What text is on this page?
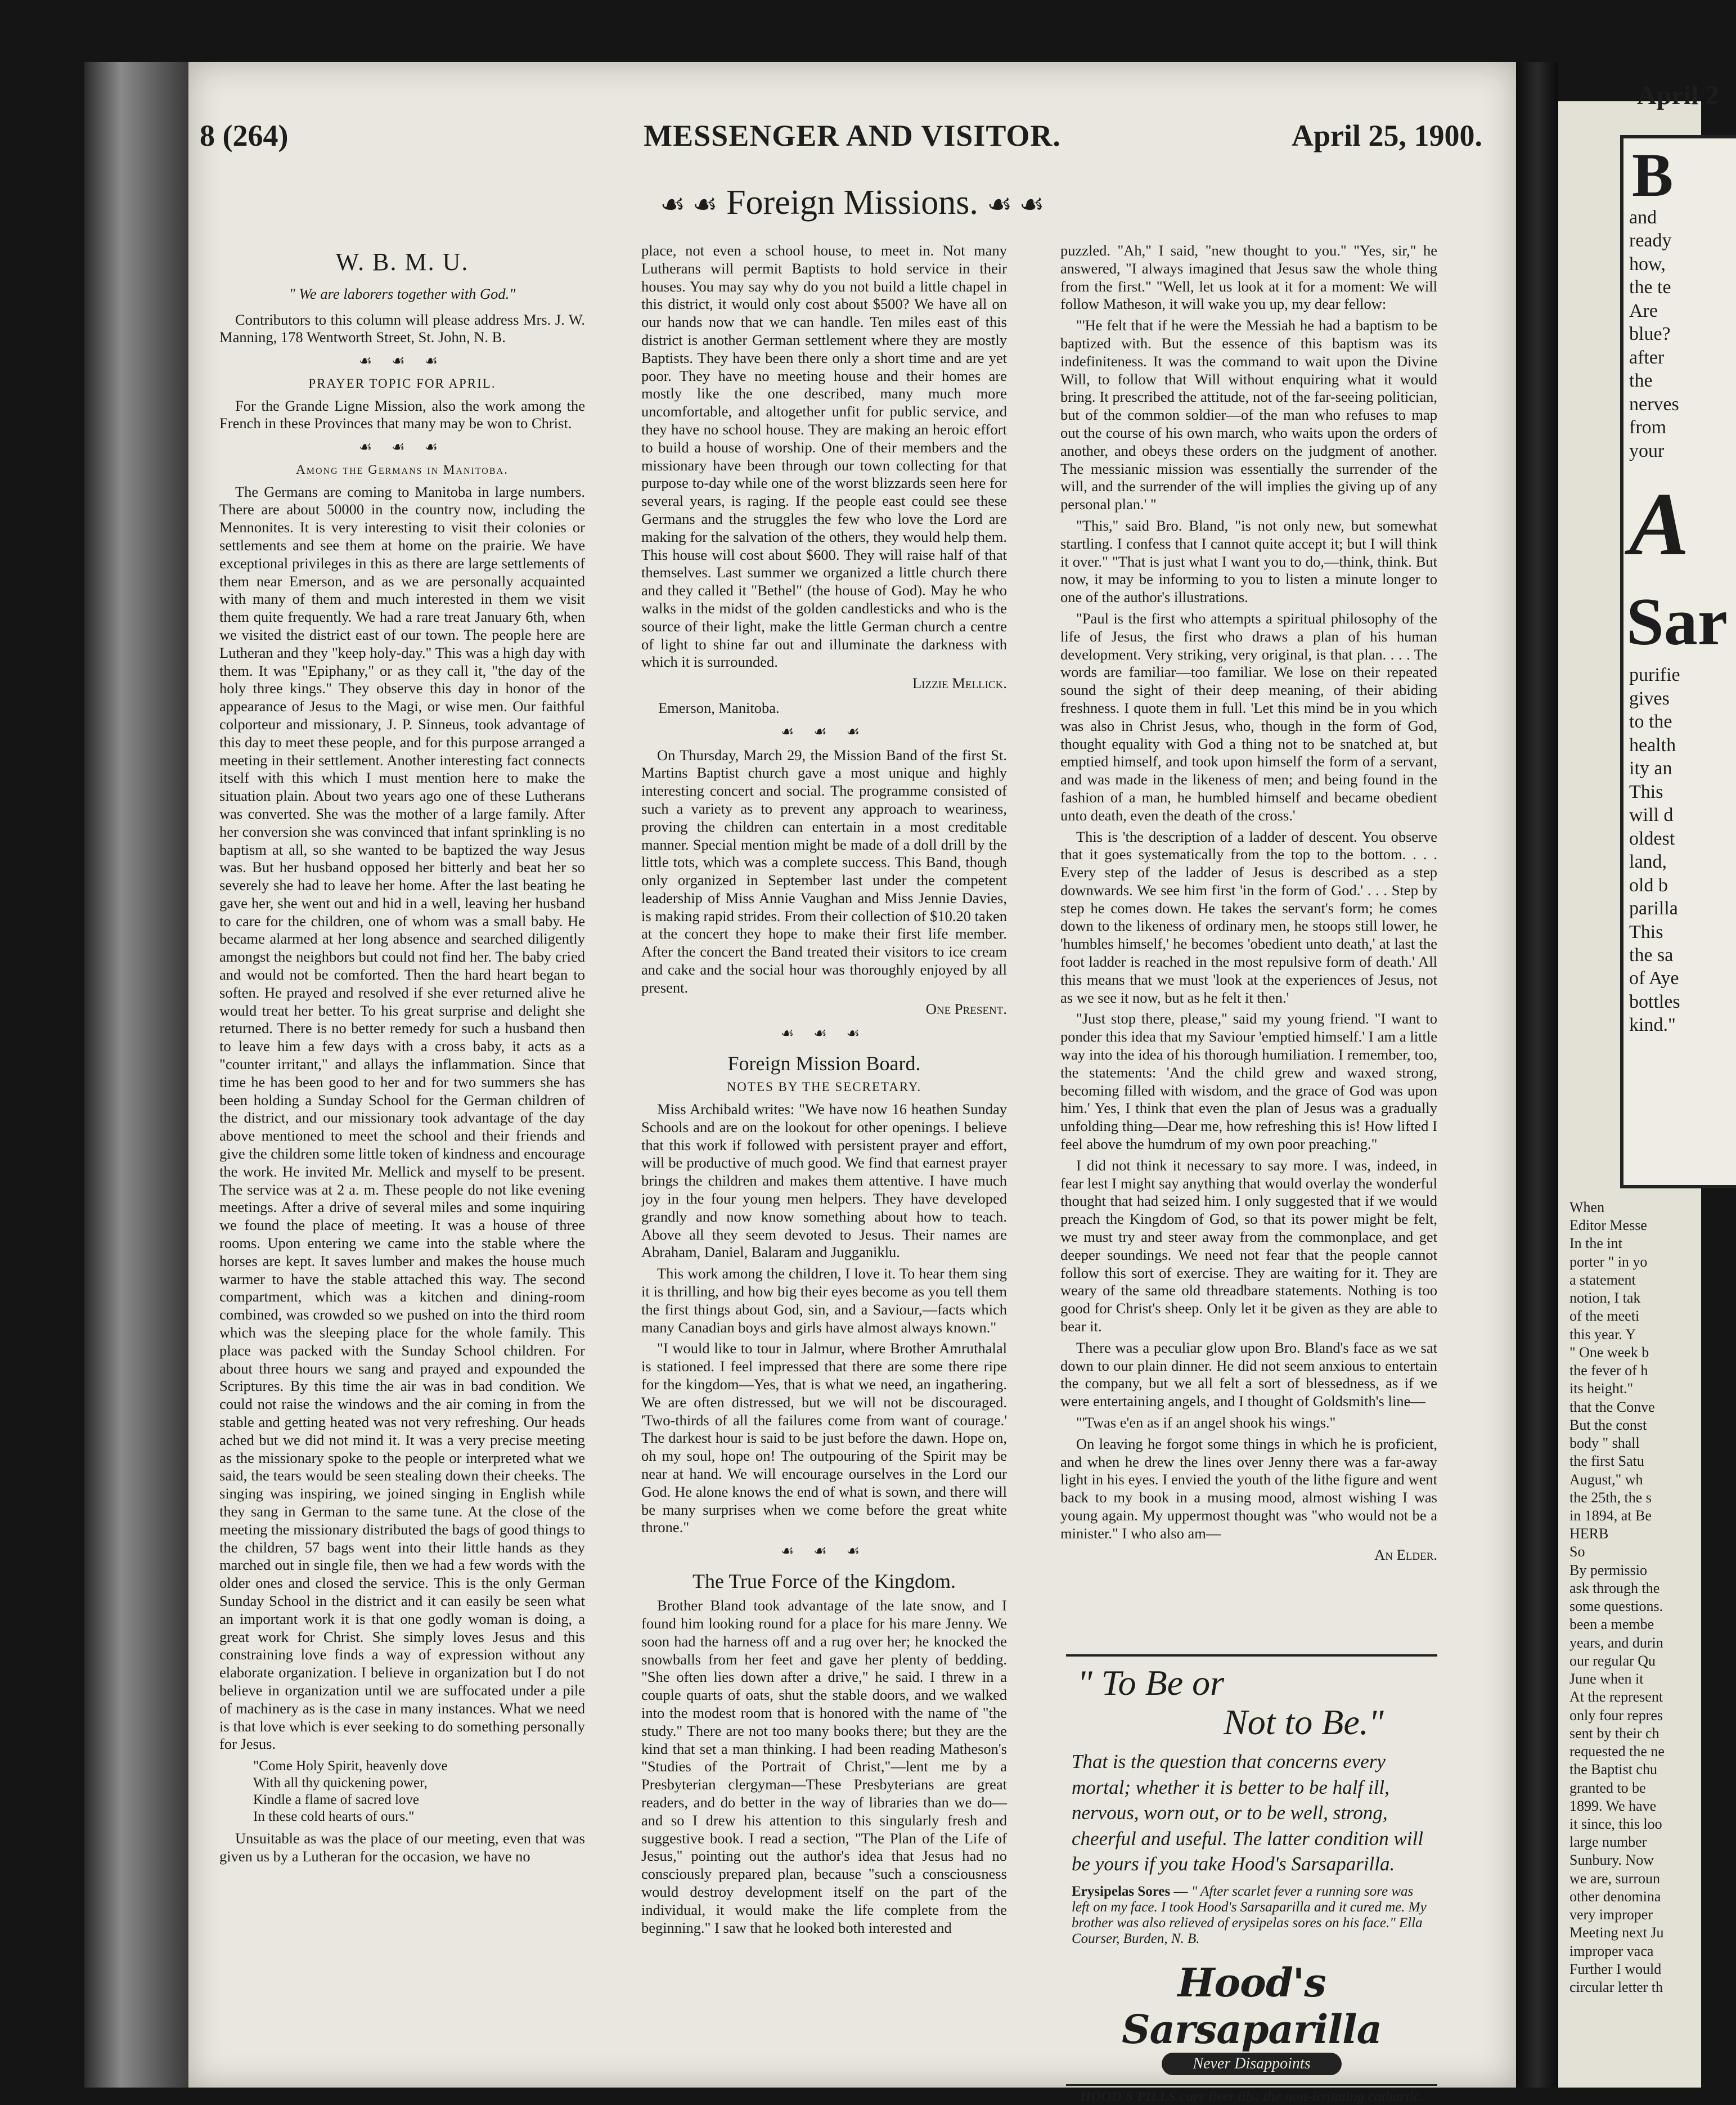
8 (264)	MESSENGER AND VISITOR.	April 25, 1900.
☙ ☙ Foreign Missions. ☙ ☙
W. B. M. U.
" We are laborers together with God."

Contributors to this column will please address Mrs. J. W. Manning, 178 Wentworth Street, St. John, N. B.

☙ ☙ ☙
PRAYER TOPIC FOR APRIL.

For the Grande Ligne Mission, also the work among the French in these Provinces that many may be won to Christ.

☙ ☙ ☙
Among the Germans in Manitoba.

The Germans are coming to Manitoba in large numbers. There are about 50000 in the country now, including the Mennonites. It is very interesting to visit their colonies or settlements and see them at home on the prairie. We have exceptional privileges in this as there are large settlements of them near Emerson, and as we are personally acquainted with many of them and much interested in them we visit them quite frequently. We had a rare treat January 6th, when we visited the district east of our town. The people here are Lutheran and they "keep holy-day." This was a high day with them. It was "Epiphany," or as they call it, "the day of the holy three kings." They observe this day in honor of the appearance of Jesus to the Magi, or wise men. Our faithful colporteur and missionary, J. P. Sinneus, took advantage of this day to meet these people, and for this purpose arranged a meeting in their settlement. Another interesting fact connects itself with this which I must mention here to make the situation plain. About two years ago one of these Lutherans was converted. She was the mother of a large family. After her conversion she was convinced that infant sprinkling is no baptism at all, so she wanted to be baptized the way Jesus was. But her husband opposed her bitterly and beat her so severely she had to leave her home. After the last beating he gave her, she went out and hid in a well, leaving her husband to care for the children, one of whom was a small baby. He became alarmed at her long absence and searched diligently amongst the neighbors but could not find her. The baby cried and would not be comforted. Then the hard heart began to soften. He prayed and resolved if she ever returned alive he would treat her better. To his great surprise and delight she returned. There is no better remedy for such a husband then to leave him a few days with a cross baby, it acts as a "counter irritant," and allays the inflammation. Since that time he has been good to her and for two summers she has been holding a Sunday School for the German children of the district, and our missionary took advantage of the day above mentioned to meet the school and their friends and give the children some little token of kindness and encourage the work. He invited Mr. Mellick and myself to be present. The service was at 2 a. m. These people do not like evening meetings. After a drive of several miles and some inquiring we found the place of meeting. It was a house of three rooms. Upon entering we came into the stable where the horses are kept. It saves lumber and makes the house much warmer to have the stable attached this way. The second compartment, which was a kitchen and dining-room combined, was crowded so we pushed on into the third room which was the sleeping place for the whole family. This place was packed with the Sunday School children. For about three hours we sang and prayed and expounded the Scriptures. By this time the air was in bad condition. We could not raise the windows and the air coming in from the stable and getting heated was not very refreshing. Our heads ached but we did not mind it. It was a very precise meeting as the missionary spoke to the people or interpreted what we said, the tears would be seen stealing down their cheeks. The singing was inspiring, we joined singing in English while they sang in German to the same tune. At the close of the meeting the missionary distributed the bags of good things to the children, 57 bags went into their little hands as they marched out in single file, then we had a few words with the older ones and closed the service. This is the only German Sunday School in the district and it can easily be seen what an important work it is that one godly woman is doing, a great work for Christ. She simply loves Jesus and this constraining love finds a way of expression without any elaborate organization. I believe in organization but I do not believe in organization until we are suffocated under a pile of machinery as is the case in many instances. What we need is that love which is ever seeking to do something personally for Jesus.

"Come Holy Spirit, heavenly dove
With all thy quickening power,
Kindle a flame of sacred love
In these cold hearts of ours."

Unsuitable as was the place of our meeting, even that was given us by a Lutheran for the occasion, we have no

place, not even a school house, to meet in. Not many Lutherans will permit Baptists to hold service in their houses. You may say why do you not build a little chapel in this district, it would only cost about $500? We have all on our hands now that we can handle. Ten miles east of this district is another German settlement where they are mostly Baptists. They have been there only a short time and are yet poor. They have no meeting house and their homes are mostly like the one described, many much more uncomfortable, and altogether unfit for public service, and they have no school house. They are making an heroic effort to build a house of worship. One of their members and the missionary have been through our town collecting for that purpose to-day while one of the worst blizzards seen here for several years, is raging. If the people east could see these Germans and the struggles the few who love the Lord are making for the salvation of the others, they would help them. This house will cost about $600. They will raise half of that themselves. Last summer we organized a little church there and they called it "Bethel" (the house of God). May he who walks in the midst of the golden candlesticks and who is the source of their light, make the little German church a centre of light to shine far out and illuminate the darkness with which it is surrounded.

Lizzie Mellick.
Emerson, Manitoba.
☙ ☙ ☙

On Thursday, March 29, the Mission Band of the first St. Martins Baptist church gave a most unique and highly interesting concert and social. The programme consisted of such a variety as to prevent any approach to weariness, proving the children can entertain in a most creditable manner. Special mention might be made of a doll drill by the little tots, which was a complete success. This Band, though only organized in September last under the competent leadership of Miss Annie Vaughan and Miss Jennie Davies, is making rapid strides. From their collection of $10.20 taken at the concert they hope to make their first life member. After the concert the Band treated their visitors to ice cream and cake and the social hour was thoroughly enjoyed by all present.

One Present.
☙ ☙ ☙
Foreign Mission Board.
NOTES BY THE SECRETARY.

Miss Archibald writes: "We have now 16 heathen Sunday Schools and are on the lookout for other openings. I believe that this work if followed with persistent prayer and effort, will be productive of much good. We find that earnest prayer brings the children and makes them attentive. I have much joy in the four young men helpers. They have developed grandly and now know something about how to teach. Above all they seem devoted to Jesus. Their names are Abraham, Daniel, Balaram and Jugganiklu.

This work among the children, I love it. To hear them sing it is thrilling, and how big their eyes become as you tell them the first things about God, sin, and a Saviour,—facts which many Canadian boys and girls have almost always known."

"I would like to tour in Jalmur, where Brother Amruthalal is stationed. I feel impressed that there are some there ripe for the kingdom—Yes, that is what we need, an ingathering. We are often distressed, but we will not be discouraged. 'Two-thirds of all the failures come from want of courage.' The darkest hour is said to be just before the dawn. Hope on, oh my soul, hope on! The outpouring of the Spirit may be near at hand. We will encourage ourselves in the Lord our God. He alone knows the end of what is sown, and there will be many surprises when we come before the great white throne."

☙ ☙ ☙
The True Force of the Kingdom.

Brother Bland took advantage of the late snow, and I found him looking round for a place for his mare Jenny. We soon had the harness off and a rug over her; he knocked the snowballs from her feet and gave her plenty of bedding. "She often lies down after a drive," he said. I threw in a couple quarts of oats, shut the stable doors, and we walked into the modest room that is honored with the name of "the study." There are not too many books there; but they are the kind that set a man thinking. I had been reading Matheson's "Studies of the Portrait of Christ,"—lent me by a Presbyterian clergyman—These Presbyterians are great readers, and do better in the way of libraries than we do—and so I drew his attention to this singularly fresh and suggestive book. I read a section, "The Plan of the Life of Jesus," pointing out the author's idea that Jesus had no consciously prepared plan, because "such a consciousness would destroy development itself on the part of the individual, it would make the life complete from the beginning." I saw that he looked both interested and

puzzled. "Ah," I said, "new thought to you." "Yes, sir," he answered, "I always imagined that Jesus saw the whole thing from the first." "Well, let us look at it for a moment: We will follow Matheson, it will wake you up, my dear fellow:

"'He felt that if he were the Messiah he had a baptism to be baptized with. But the essence of this baptism was its indefiniteness. It was the command to wait upon the Divine Will, to follow that Will without enquiring what it would bring. It prescribed the attitude, not of the far-seeing politician, but of the common soldier—of the man who refuses to map out the course of his own march, who waits upon the orders of another, and obeys these orders on the judgment of another. The messianic mission was essentially the surrender of the will, and the surrender of the will implies the giving up of any personal plan.' "

"This," said Bro. Bland, "is not only new, but somewhat startling. I confess that I cannot quite accept it; but I will think it over." "That is just what I want you to do,—think, think. But now, it may be informing to you to listen a minute longer to one of the author's illustrations.

"Paul is the first who attempts a spiritual philosophy of the life of Jesus, the first who draws a plan of his human development. Very striking, very original, is that plan. . . . The words are familiar—too familiar. We lose on their repeated sound the sight of their deep meaning, of their abiding freshness. I quote them in full. 'Let this mind be in you which was also in Christ Jesus, who, though in the form of God, thought equality with God a thing not to be snatched at, but emptied himself, and took upon himself the form of a servant, and was made in the likeness of men; and being found in the fashion of a man, he humbled himself and became obedient unto death, even the death of the cross.'

This is 'the description of a ladder of descent. You observe that it goes systematically from the top to the bottom. . . . Every step of the ladder of Jesus is described as a step downwards. We see him first 'in the form of God.' . . . Step by step he comes down. He takes the servant's form; he comes down to the likeness of ordinary men, he stoops still lower, he 'humbles himself,' he becomes 'obedient unto death,' at last the foot ladder is reached in the most repulsive form of death.' All this means that we must 'look at the experiences of Jesus, not as we see it now, but as he felt it then.'

"Just stop there, please," said my young friend. "I want to ponder this idea that my Saviour 'emptied himself.' I am a little way into the idea of his thorough humiliation. I remember, too, the statements: 'And the child grew and waxed strong, becoming filled with wisdom, and the grace of God was upon him.' Yes, I think that even the plan of Jesus was a gradually unfolding thing—Dear me, how refreshing this is! How lifted I feel above the humdrum of my own poor preaching."

I did not think it necessary to say more. I was, indeed, in fear lest I might say anything that would overlay the wonderful thought that had seized him. I only suggested that if we would preach the Kingdom of God, so that its power might be felt, we must try and steer away from the commonplace, and get deeper soundings. We need not fear that the people cannot follow this sort of exercise. They are waiting for it. They are weary of the same old threadbare statements. Nothing is too good for Christ's sheep. Only let it be given as they are able to bear it.

There was a peculiar glow upon Bro. Bland's face as we sat down to our plain dinner. He did not seem anxious to entertain the company, but we all felt a sort of blessedness, as if we were entertaining angels, and I thought of Goldsmith's line—

"'Twas e'en as if an angel shook his wings."

On leaving he forgot some things in which he is proficient, and when he drew the lines over Jenny there was a far-away light in his eyes. I envied the youth of the lithe figure and went back to my book in a musing mood, almost wishing I was young again. My uppermost thought was "who would not be a minister." I who also am—

An Elder.
" To Be or
Not to Be."
That is the question that concerns every mortal; whether it is better to be half ill, nervous, worn out, or to be well, strong, cheerful and useful. The latter condition will be yours if you take Hood's Sarsaparilla.
Erysipelas Sores — " After scarlet fever a running sore was left on my face. I took Hood's Sarsaparilla and it cured me. My brother was also relieved of erysipelas sores on his face." Ella Courser, Burden, N. B.
Hood's Sarsaparilla
Never Disappoints
HOOD'S PILLS cure liver ills; the non-irritating cathartic.
April 2
B
and
ready
how,
the te
Are
blue?
after
the
nerves
from
your
A
Sar
purifie
gives
to the
health
ity an
This
will d
oldest
land,
old b
parilla
This
the sa
of Aye
bottles
kind."
When
Editor Messe
In the int
porter " in yo
a statement
notion, I tak
of the meeti
this year. Y
" One week b
the fever of h
its height."
that the Conve
But the const
body " shall
the first Satu
August," wh
the 25th, the s
in 1894, at Be
HERB
So
By permissio
ask through the
some questions.
been a membe
years, and durin
our regular Qu
June when it
At the represent
only four repres
sent by their ch
requested the ne
the Baptist chu
granted to be
1899. We have
it since, this loo
large number
Sunbury. Now
we are, surroun
other denomina
very improper
Meeting next Ju
improper vaca
Further I would
circular letter th
